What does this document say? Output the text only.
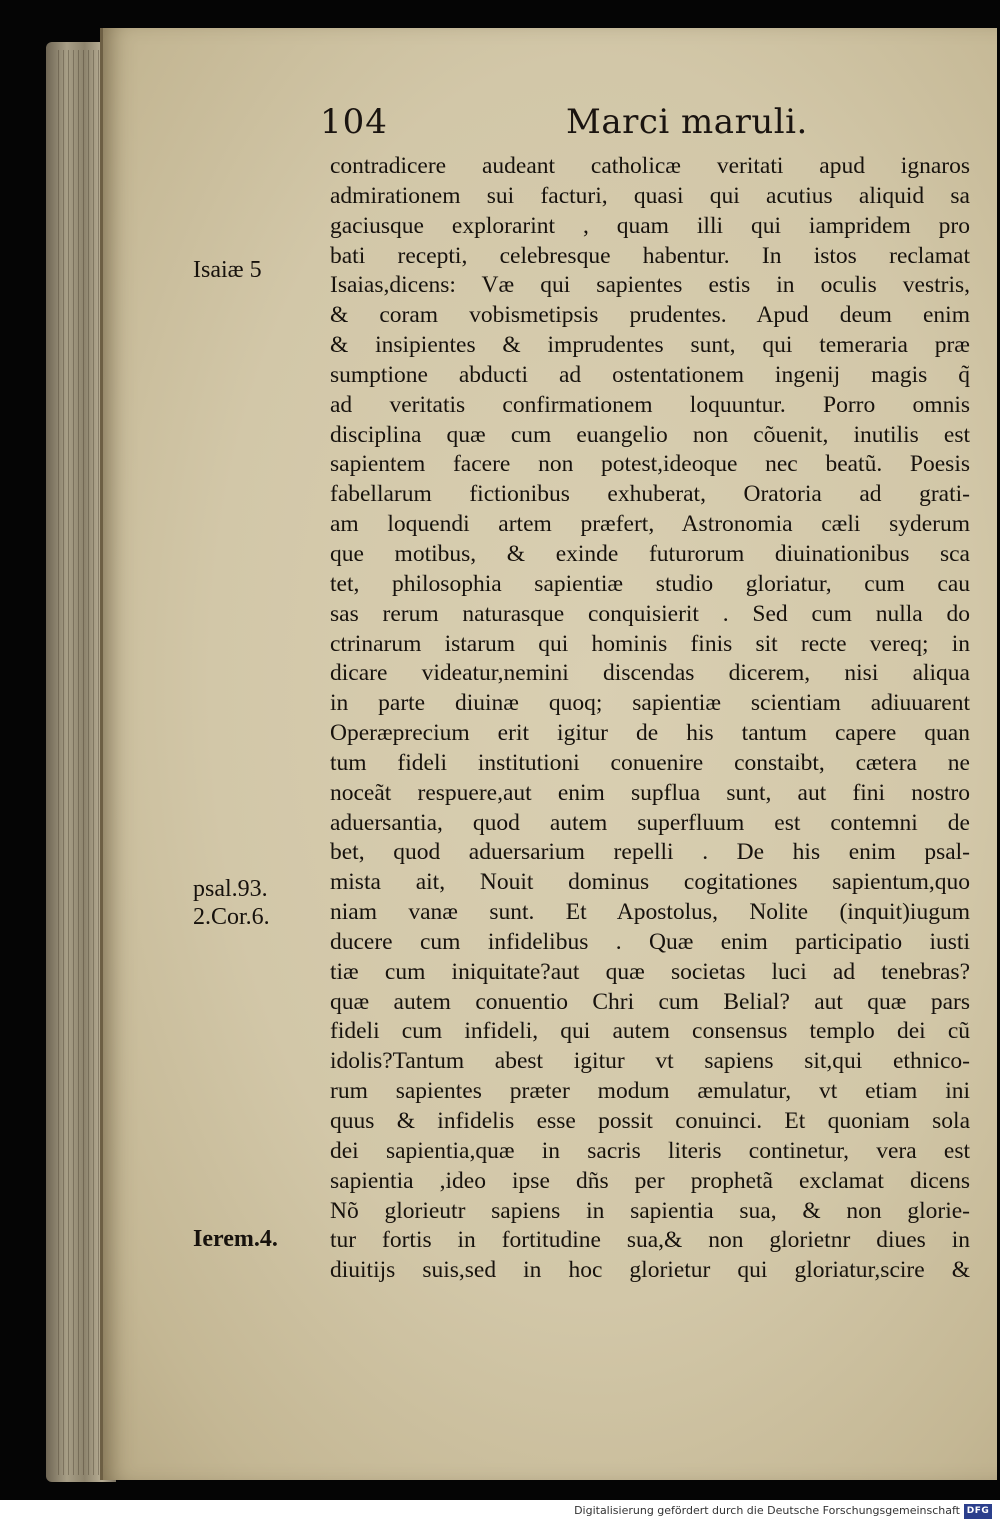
104	Marci maruli.
Isaiæ 5
psal.93.
2.Cor.6.
Ierem.4.
contradicere audeant catholicæ veritati apud ignaros
admirationem sui facturi, quasi qui acutius aliquid sa
gaciusque explorarint , quam illi qui iampridem pro
bati recepti, celebresque habentur. In istos reclamat
Isaias,dicens: Væ qui sapientes estis in oculis vestris,
& coram vobismetipsis prudentes. Apud deum enim
& insipientes & imprudentes sunt, qui temeraria præ
sumptione abducti ad ostentationem ingenij magis q̃
ad veritatis confirmationem loquuntur. Porro omnis
disciplina quæ cum euangelio non cõuenit, inutilis est
sapientem facere non potest,ideoque nec beatũ. Poesis
fabellarum fictionibus exhuberat, Oratoria ad grati-
am loquendi artem præfert, Astronomia cæli syderum
que motibus, & exinde futurorum diuinationibus sca
tet, philosophia sapientiæ studio gloriatur, cum cau
sas rerum naturasque conquisierit . Sed cum nulla do
ctrinarum istarum qui hominis finis sit recte vereq; in
dicare videatur,nemini discendas dicerem, nisi aliqua
in parte diuinæ quoq; sapientiæ scientiam adiuuarent
Operæprecium erit igitur de his tantum capere quan
tum fideli institutioni conuenire constaibt, cætera ne
noceãt respuere,aut enim supflua sunt, aut fini nostro
aduersantia, quod autem superfluum est contemni de
bet, quod aduersarium repelli . De his enim psal-
mista ait, Nouit dominus cogitationes sapientum,quo
niam vanæ sunt. Et Apostolus, Nolite (inquit)iugum
ducere cum infidelibus . Quæ enim participatio iusti
tiæ cum iniquitate?aut quæ societas luci ad tenebras?
quæ autem conuentio Chri cum Belial? aut quæ pars
fideli cum infideli, qui autem consensus templo dei cũ
idolis?Tantum abest igitur vt sapiens sit,qui ethnico-
rum sapientes præter modum æmulatur, vt etiam ini
quus & infidelis esse possit conuinci. Et quoniam sola
dei sapientia,quæ in sacris literis continetur, vera est
sapientia ,ideo ipse dñs per prophetã exclamat dicens
Nõ glorieutr sapiens in sapientia sua, & non glorie-
tur fortis in fortitudine sua,& non glorietnr diues in
diuitijs suis,sed in hoc glorietur qui gloriatur,scire &
Digitalisierung gefördert durch die Deutsche Forschungsgemeinschaft DFG
